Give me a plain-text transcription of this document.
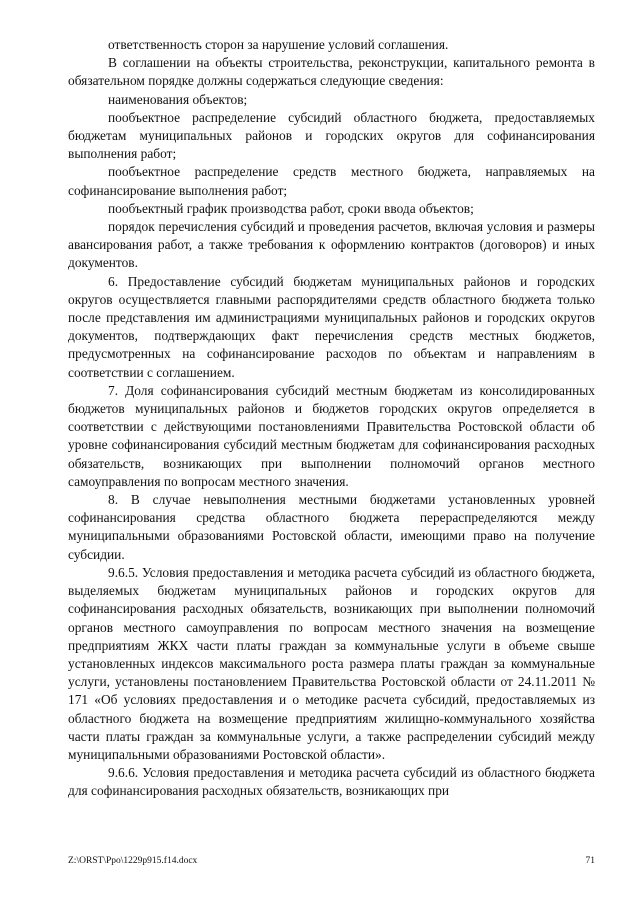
ответственность сторон за нарушение условий соглашения.

В соглашении на объекты строительства, реконструкции, капитального ремонта в обязательном порядке должны содержаться следующие сведения:

наименования объектов;

пообъектное распределение субсидий областного бюджета, предоставляемых бюджетам муниципальных районов и городских округов для софинансирования выполнения работ;

пообъектное распределение средств местного бюджета, направляемых на софинансирование выполнения работ;

пообъектный график производства работ, сроки ввода объектов;

порядок перечисления субсидий и проведения расчетов, включая условия и размеры авансирования работ, а также требования к оформлению контрактов (договоров) и иных документов.

6. Предоставление субсидий бюджетам муниципальных районов и городских округов осуществляется главными распорядителями средств областного бюджета только после представления им администрациями муниципальных районов и городских округов документов, подтверждающих факт перечисления средств местных бюджетов, предусмотренных на софинансирование расходов по объектам и направлениям в соответствии с соглашением.

7. Доля софинансирования субсидий местным бюджетам из консолидированных бюджетов муниципальных районов и бюджетов городских округов определяется в соответствии с действующими постановлениями Правительства Ростовской области об уровне софинансирования субсидий местным бюджетам для софинансирования расходных обязательств, возникающих при выполнении полномочий органов местного самоуправления по вопросам местного значения.

8. В случае невыполнения местными бюджетами установленных уровней софинансирования средства областного бюджета перераспределяются между муниципальными образованиями Ростовской области, имеющими право на получение субсидии.

9.6.5. Условия предоставления и методика расчета субсидий из областного бюджета, выделяемых бюджетам муниципальных районов и городских округов для софинансирования расходных обязательств, возникающих при выполнении полномочий органов местного самоуправления по вопросам местного значения на возмещение предприятиям ЖКХ части платы граждан за коммунальные услуги в объеме свыше установленных индексов максимального роста размера платы граждан за коммунальные услуги, установлены постановлением Правительства Ростовской области от 24.11.2011 № 171 «Об условиях предоставления и о методике расчета субсидий, предоставляемых из областного бюджета на возмещение предприятиям жилищно-коммунального хозяйства части платы граждан за коммунальные услуги, а также распределении субсидий между муниципальными образованиями Ростовской области».

9.6.6. Условия предоставления и методика расчета субсидий из областного бюджета для софинансирования расходных обязательств, возникающих при

Z:\ORST\Ppo\1229p915.f14.docx	71
